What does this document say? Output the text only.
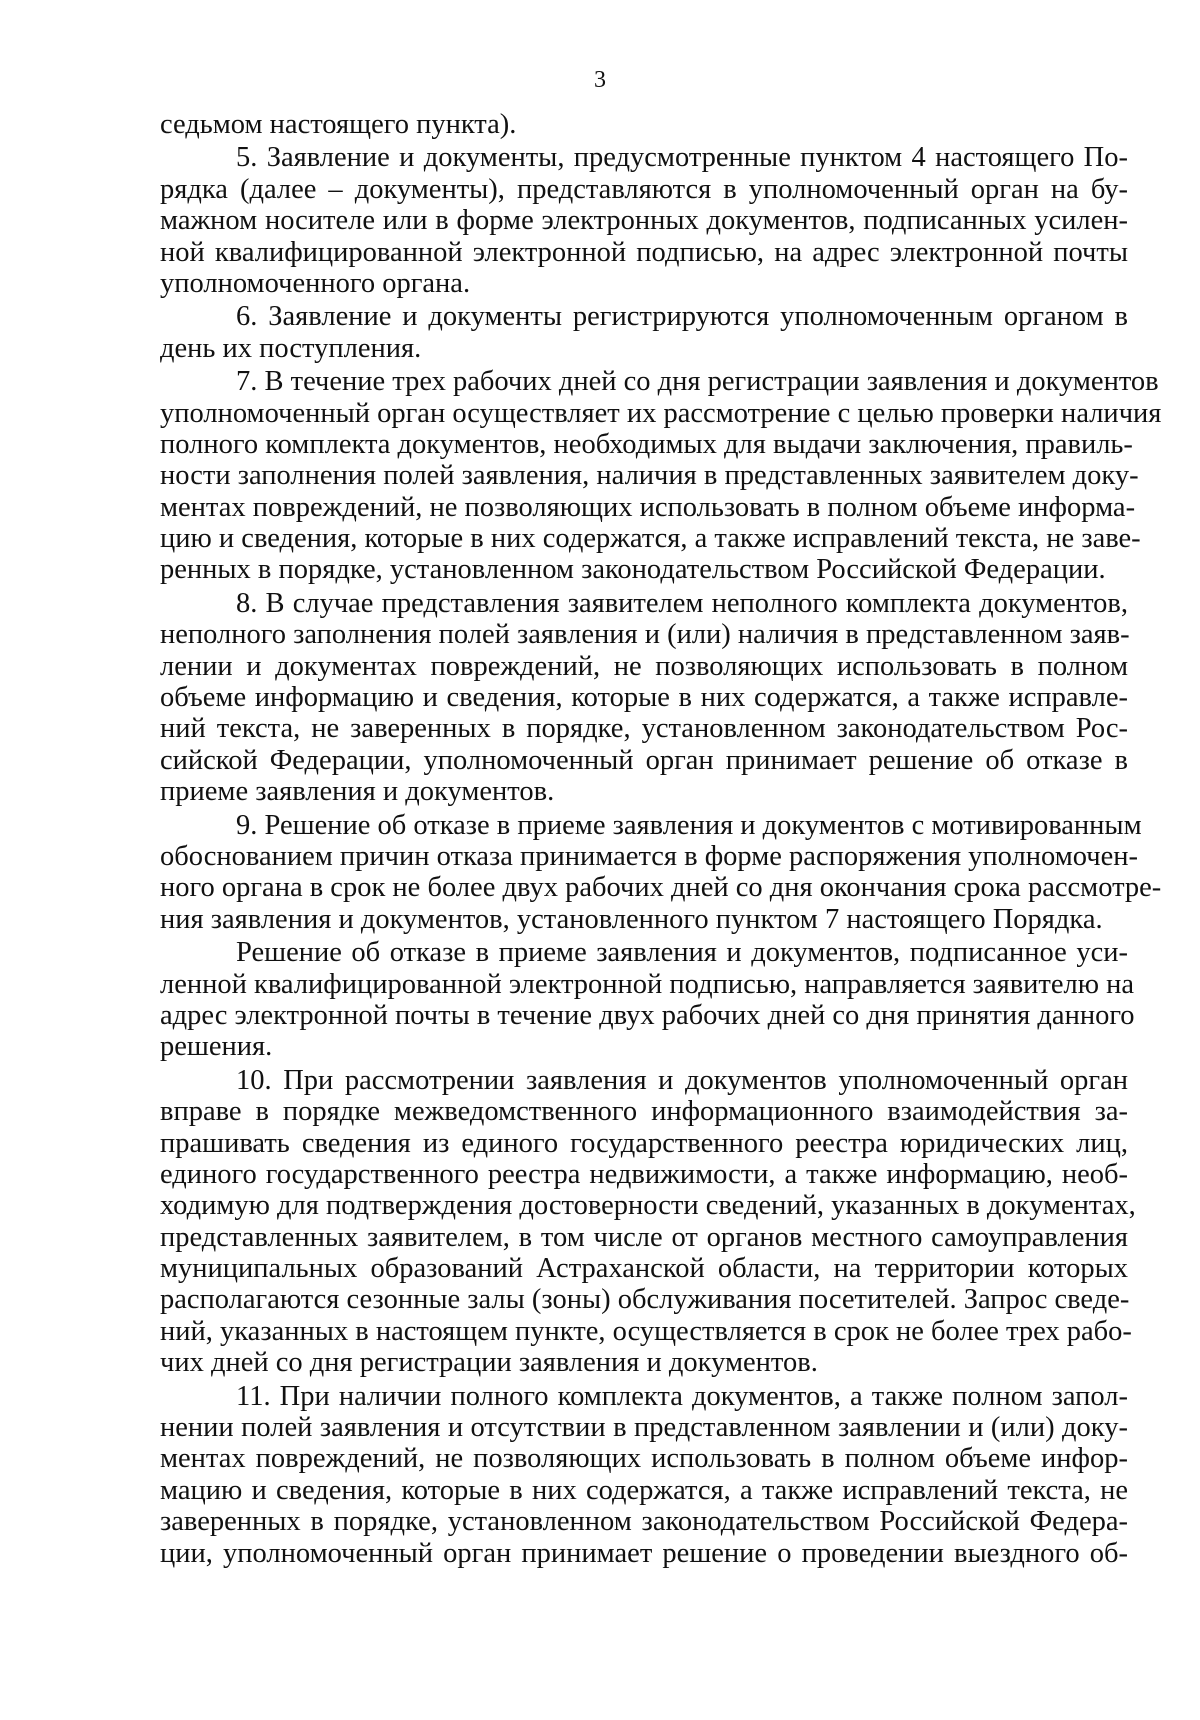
3
седьмом настоящего пункта).
5. Заявление и документы, предусмотренные пунктом 4 настоящего По-
рядка (далее – документы), представляются в уполномоченный орган на бу-
мажном носителе или в форме электронных документов, подписанных усилен-
ной квалифицированной электронной подписью, на адрес электронной почты
уполномоченного органа.
6. Заявление и документы регистрируются уполномоченным органом в
день их поступления.
7. В течение трех рабочих дней со дня регистрации заявления и документов
уполномоченный орган осуществляет их рассмотрение с целью проверки наличия
полного комплекта документов, необходимых для выдачи заключения, правиль-
ности заполнения полей заявления, наличия в представленных заявителем доку-
ментах повреждений, не позволяющих использовать в полном объеме информа-
цию и сведения, которые в них содержатся, а также исправлений текста, не заве-
ренных в порядке, установленном законодательством Российской Федерации.
8. В случае представления заявителем неполного комплекта документов,
неполного заполнения полей заявления и (или) наличия в представленном заяв-
лении и документах повреждений, не позволяющих использовать в полном
объеме информацию и сведения, которые в них содержатся, а также исправле-
ний текста, не заверенных в порядке, установленном законодательством Рос-
сийской Федерации, уполномоченный орган принимает решение об отказе в
приеме заявления и документов.
9. Решение об отказе в приеме заявления и документов с мотивированным
обоснованием причин отказа принимается в форме распоряжения уполномочен-
ного органа в срок не более двух рабочих дней со дня окончания срока рассмотре-
ния заявления и документов, установленного пунктом 7 настоящего Порядка.
Решение об отказе в приеме заявления и документов, подписанное уси-
ленной квалифицированной электронной подписью, направляется заявителю на
адрес электронной почты в течение двух рабочих дней со дня принятия данного
решения.
10. При рассмотрении заявления и документов уполномоченный орган
вправе в порядке межведомственного информационного взаимодействия за-
прашивать сведения из единого государственного реестра юридических лиц,
единого государственного реестра недвижимости, а также информацию, необ-
ходимую для подтверждения достоверности сведений, указанных в документах,
представленных заявителем, в том числе от органов местного самоуправления
муниципальных образований Астраханской области, на территории которых
располагаются сезонные залы (зоны) обслуживания посетителей. Запрос сведе-
ний, указанных в настоящем пункте, осуществляется в срок не более трех рабо-
чих дней со дня регистрации заявления и документов.
11. При наличии полного комплекта документов, а также полном запол-
нении полей заявления и отсутствии в представленном заявлении и (или) доку-
ментах повреждений, не позволяющих использовать в полном объеме инфор-
мацию и сведения, которые в них содержатся, а также исправлений текста, не
заверенных в порядке, установленном законодательством Российской Федера-
ции, уполномоченный орган принимает решение о проведении выездного об-
